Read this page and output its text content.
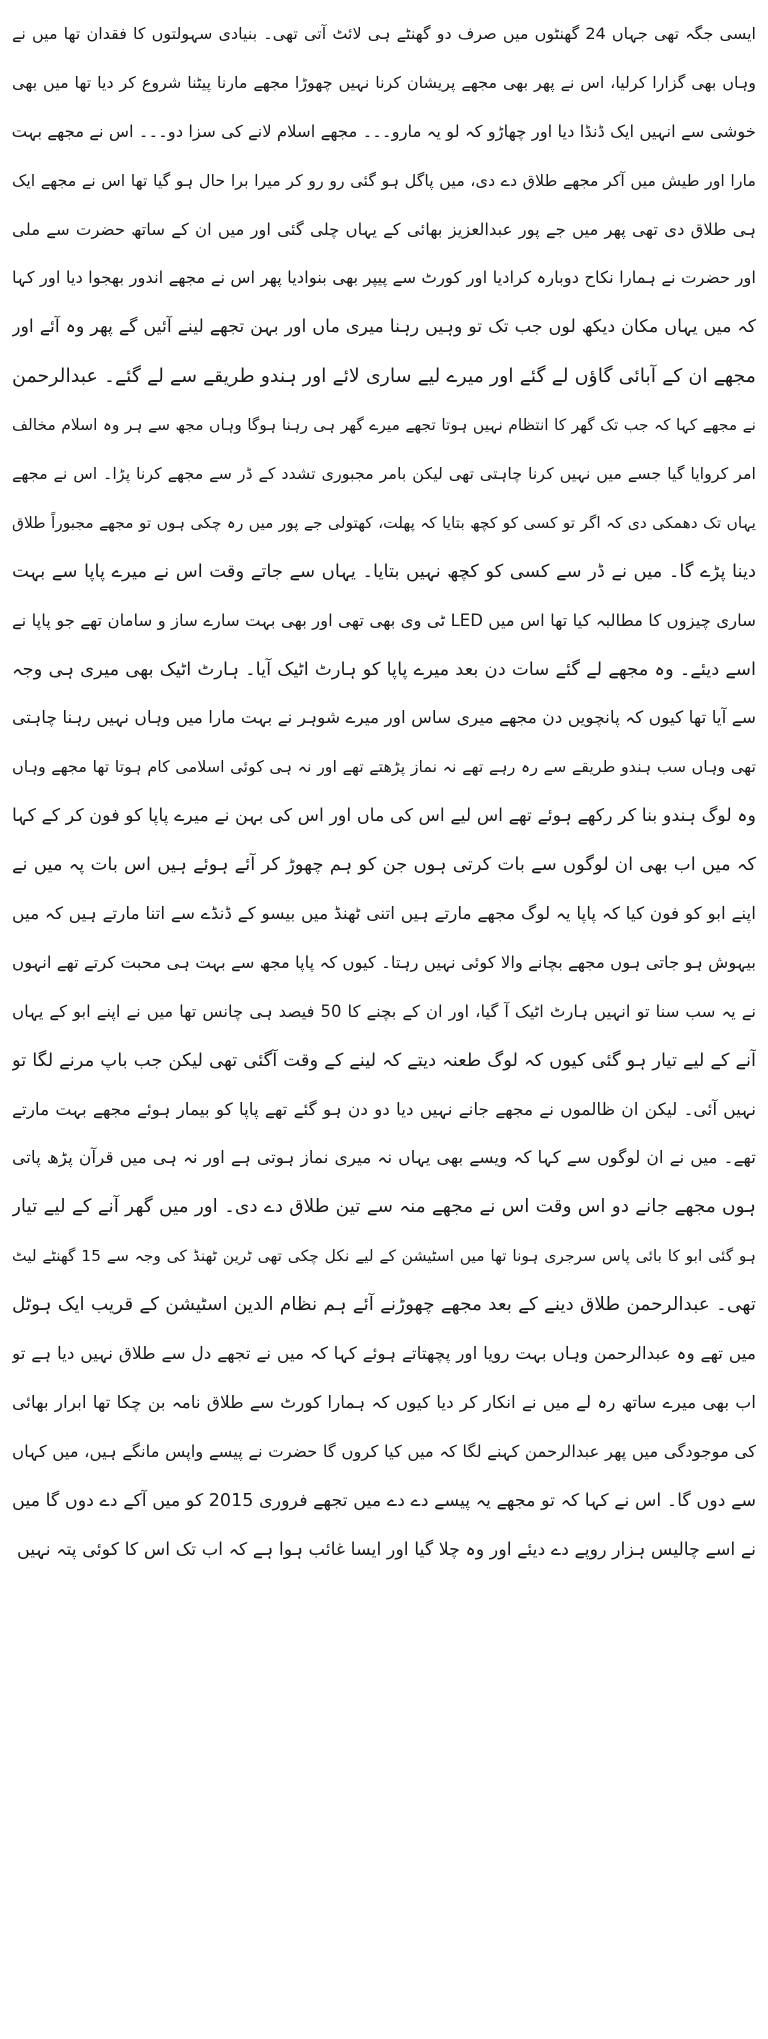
ایسی جگہ تھی جہاں 24 گھنٹوں میں صرف دو گھنٹے ہی لائٹ آتی تھی۔ بنیادی سہولتوں کا فقدان تھا میں نے
وہاں بھی گزارا کرلیا، اس نے پھر بھی مجھے پریشان کرنا نہیں چھوڑا مجھے مارنا پیٹنا شروع کر دیا تھا میں بھی
خوشی سے انہیں ایک ڈنڈا دیا اور چھاڑو کہ لو یہ مارو۔۔۔ مجھے اسلام لانے کی سزا دو۔۔۔ اس نے مجھے بہت
مارا اور طیش میں آکر مجھے طلاق دے دی، میں پاگل ہو گئی رو رو کر میرا برا حال ہو گیا تھا اس نے مجھے ایک
ہی طلاق دی تھی پھر میں جے پور عبدالعزیز بھائی کے یہاں چلی گئی اور میں ان کے ساتھ حضرت سے ملی
اور حضرت نے ہمارا نکاح دوبارہ کرادیا اور کورٹ سے پیپر بھی بنوادیا پھر اس نے مجھے اندور بھجوا دیا اور کہا
کہ میں یہاں مکان دیکھ لوں جب تک تو وہیں رہنا میری ماں اور بہن تجھے لینے آئیں گے پھر وہ آئے اور
مجھے ان کے آبائی گاؤں لے گئے اور میرے لیے ساری لائے اور ہندو طریقے سے لے گئے۔ عبدالرحمن
نے مجھے کہا کہ جب تک گھر کا انتظام نہیں ہوتا تجھے میرے گھر ہی رہنا ہوگا وہاں مجھ سے ہر وہ اسلام مخالف
امر کروایا گیا جسے میں نہیں کرنا چاہتی تھی لیکن بامر مجبوری تشدد کے ڈر سے مجھے کرنا پڑا۔ اس نے مجھے
یہاں تک دھمکی دی کہ اگر تو کسی کو کچھ بتایا کہ پھلت، کھتولی جے پور میں رہ چکی ہوں تو مجھے مجبوراً طلاق
دینا پڑے گا۔ میں نے ڈر سے کسی کو کچھ نہیں بتایا۔ یہاں سے جاتے وقت اس نے میرے پاپا سے بہت
ساری چیزوں کا مطالبہ کیا تھا اس میں LED ٹی وی بھی تھی اور بھی بہت سارے ساز و سامان تھے جو پاپا نے
اسے دیئے۔ وہ مجھے لے گئے سات دن بعد میرے پاپا کو ہارٹ اٹیک آیا۔ ہارٹ اٹیک بھی میری ہی وجہ
سے آیا تھا کیوں کہ پانچویں دن مجھے میری ساس اور میرے شوہر نے بہت مارا میں وہاں نہیں رہنا چاہتی
تھی وہاں سب ہندو طریقے سے رہ رہے تھے نہ نماز پڑھتے تھے اور نہ ہی کوئی اسلامی کام ہوتا تھا مجھے وہاں
وہ لوگ ہندو بنا کر رکھے ہوئے تھے اس لیے اس کی ماں اور اس کی بہن نے میرے پاپا کو فون کر کے کہا
کہ میں اب بھی ان لوگوں سے بات کرتی ہوں جن کو ہم چھوڑ کر آئے ہوئے ہیں اس بات پہ میں نے
اپنے ابو کو فون کیا کہ پاپا یہ لوگ مجھے مارتے ہیں اتنی ٹھنڈ میں بیسو کے ڈنڈے سے اتنا مارتے ہیں کہ میں
بیہوش ہو جاتی ہوں مجھے بچانے والا کوئی نہیں رہتا۔ کیوں کہ پاپا مجھ سے بہت ہی محبت کرتے تھے انہوں
نے یہ سب سنا تو انہیں ہارٹ اٹیک آ گیا، اور ان کے بچنے کا 50 فیصد ہی چانس تھا میں نے اپنے ابو کے یہاں
آنے کے لیے تیار ہو گئی کیوں کہ لوگ طعنہ دیتے کہ لینے کے وقت آگئی تھی لیکن جب باپ مرنے لگا تو
نہیں آئی۔ لیکن ان ظالموں نے مجھے جانے نہیں دیا دو دن ہو گئے تھے پاپا کو بیمار ہوئے مجھے بہت مارتے
تھے۔ میں نے ان لوگوں سے کہا کہ ویسے بھی یہاں نہ میری نماز ہوتی ہے اور نہ ہی میں قرآن پڑھ پاتی
ہوں مجھے جانے دو اس وقت اس نے مجھے منہ سے تین طلاق دے دی۔ اور میں گھر آنے کے لیے تیار
ہو گئی ابو کا بائی پاس سرجری ہونا تھا میں اسٹیشن کے لیے نکل چکی تھی ٹرین ٹھنڈ کی وجہ سے 15 گھنٹے لیٹ
تھی۔ عبدالرحمن طلاق دینے کے بعد مجھے چھوڑنے آئے ہم نظام الدین اسٹیشن کے قریب ایک ہوٹل
میں تھے وہ عبدالرحمن وہاں بہت رویا اور پچھتاتے ہوئے کہا کہ میں نے تجھے دل سے طلاق نہیں دیا ہے تو
اب بھی میرے ساتھ رہ لے میں نے انکار کر دیا کیوں کہ ہمارا کورٹ سے طلاق نامہ بن چکا تھا ابرار بھائی
کی موجودگی میں پھر عبدالرحمن کہنے لگا کہ میں کیا کروں گا حضرت نے پیسے واپس مانگے ہیں، میں کہاں
سے دوں گا۔ اس نے کہا کہ تو مجھے یہ پیسے دے دے میں تجھے فروری 2015 کو میں آکے دے دوں گا میں
نے اسے چالیس ہزار روپے دے دیئے اور وہ چلا گیا اور ایسا غائب ہوا ہے کہ اب تک اس کا کوئی پتہ نہیں
